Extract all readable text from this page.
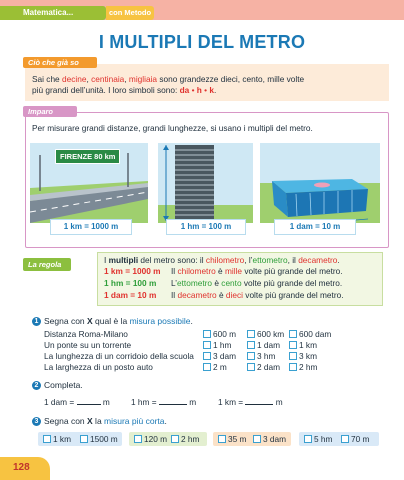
Matematica...	con Metodo
I MULTIPLI DEL METRO
Ciò che già so
Sai che decine, centinaia, migliaia sono grandezze dieci, cento, mille volte
più grandi dell’unità. I loro simboli sono: da • h • k.
Imparo
Per misurare grandi distanze, grandi lunghezze, si usano i multipli del metro.
FIRENZE 80 km
1 km = 1000 m	1 hm = 100 m	1 dam = 10 m
La regola	I multipli del metro sono: il chilometro, l’ettometro, il decametro.
1 km = 1000 m Il chilometro è mille volte più grande del metro.
1 hm = 100 m L’ettometro è cento volte più grande del metro.
1 dam = 10 m Il decametro è dieci volte più grande del metro.
1 Segna con X qual è la misura possibile.
Distanza Roma-Milano	600 m	600 km	600 dam
Un ponte su un torrente	1 hm	1 dam	1 km
La lunghezza di un corridoio della scuola	3 dam	3 hm	3 km
La larghezza di un posto auto	2 m	2 dam	2 hm
2 Completa.
1 dam =	m	1 hm =	m	1 km =	m
3 Segna con X la misura più corta.
1 km	1500 m	120 m	2 hm	35 m	3 dam	5 hm	70 m
128
